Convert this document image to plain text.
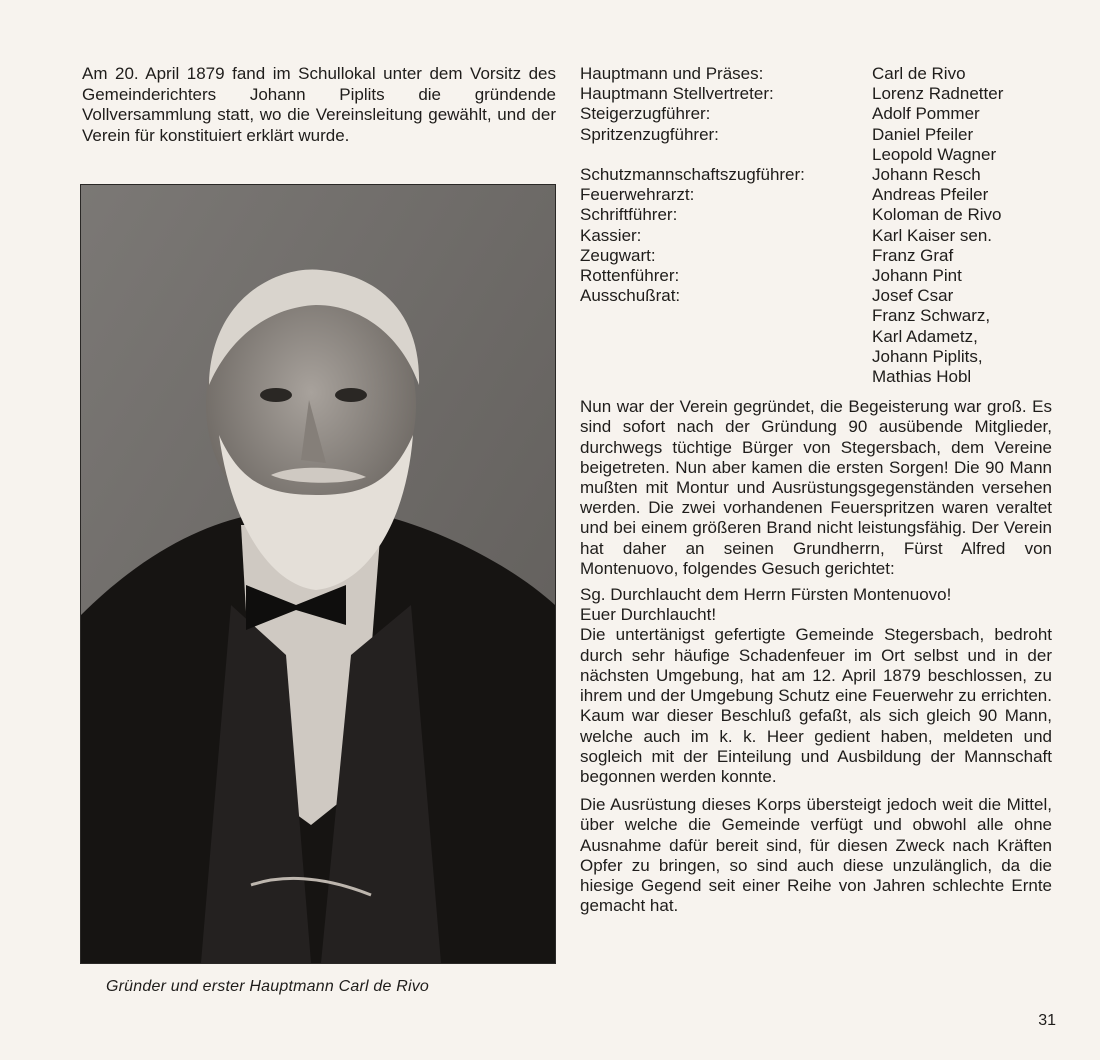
Am 20. April 1879 fand im Schullokal unter dem Vorsitz des Gemeinderichters Johann Piplits die gründende Vollversammlung statt, wo die Vereinsleitung gewählt, und der Verein für konstituiert erklärt wurde.

Gründer und erster Hauptmann Carl de Rivo
Hauptmann und Präses:	Carl de Rivo
Hauptmann Stellvertreter:	Lorenz Radnetter
Steigerzugführer:	Adolf Pommer
Spritzenzugführer:	Daniel Pfeiler
Leopold Wagner
Schutzmannschaftszugführer:	Johann Resch
Feuerwehrarzt:	Andreas Pfeiler
Schriftführer:	Koloman de Rivo
Kassier:	Karl Kaiser sen.
Zeugwart:	Franz Graf
Rottenführer:	Johann Pint
Ausschußrat:	Josef Csar
Franz Schwarz,
Karl Adametz,
Johann Piplits,
Mathias Hobl

Nun war der Verein gegründet, die Begeisterung war groß. Es sind sofort nach der Gründung 90 ausübende Mitglieder, durchwegs tüchtige Bürger von Stegersbach, dem Vereine beigetreten. Nun aber kamen die ersten Sorgen! Die 90 Mann mußten mit Montur und Ausrüstungsgegenständen versehen werden. Die zwei vorhandenen Feuerspritzen waren veraltet und bei einem größeren Brand nicht leistungsfähig. Der Verein hat daher an seinen Grundherrn, Fürst Alfred von Montenuovo, folgendes Gesuch gerichtet:

Sg. Durchlaucht dem Herrn Fürsten Montenuovo!

Euer Durchlaucht!

Die untertänigst gefertigte Gemeinde Stegersbach, bedroht durch sehr häufige Schadenfeuer im Ort selbst und in der nächsten Umgebung, hat am 12. April 1879 beschlossen, zu ihrem und der Umgebung Schutz eine Feuerwehr zu errichten. Kaum war dieser Beschluß gefaßt, als sich gleich 90 Mann, welche auch im k. k. Heer gedient haben, meldeten und sogleich mit der Einteilung und Ausbildung der Mannschaft begonnen werden konnte.

Die Ausrüstung dieses Korps übersteigt jedoch weit die Mittel, über welche die Gemeinde verfügt und obwohl alle ohne Ausnahme dafür bereit sind, für diesen Zweck nach Kräften Opfer zu bringen, so sind auch diese unzulänglich, da die hiesige Gegend seit einer Reihe von Jahren schlechte Ernte gemacht hat.

31
